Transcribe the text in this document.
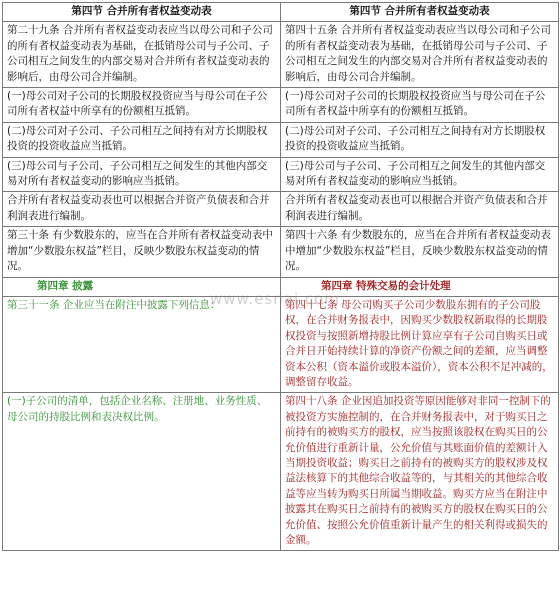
第四节 合并所有者权益变动表	第四节 合并所有者权益变动表
第二十九条 合并所有者权益变动表应当以母公司和子公司的所有者权益变动表为基础，在抵销母公司与子公司、子公司相互之间发生的内部交易对合并所有者权益变动表的影响后，由母公司合并编制。	第四十五条 合并所有者权益变动表应当以母公司和子公司的所有者权益变动表为基础，在抵销母公司与子公司、子公司相互之间发生的内部交易对合并所有者权益变动表的影响后，由母公司合并编制。
(一)母公司对子公司的长期股权投资应当与母公司在子公司所有者权益中所享有的份额相互抵销。	(一)母公司对子公司的长期股权投资应当与母公司在子公司所有者权益中所享有的份额相互抵销。
(二)母公司对子公司、子公司相互之间持有对方长期股权投资的投资收益应当抵销。	(二)母公司对子公司、子公司相互之间持有对方长期股权投资的投资收益应当抵销。
(三)母公司与子公司、子公司相互之间发生的其他内部交易对所有者权益变动的影响应当抵销。	(三)母公司与子公司、子公司相互之间发生的其他内部交易对所有者权益变动的影响应当抵销。
合并所有者权益变动表也可以根据合并资产负债表和合并利润表进行编制。	合并所有者权益变动表也可以根据合并资产负债表和合并利润表进行编制。
第三十条 有少数股东的，应当在合并所有者权益变动表中增加“少数股东权益”栏目，反映少数股东权益变动的情况。	第四十六条 有少数股东的，应当在合并所有者权益变动表中增加“少数股东权益”栏目，反映少数股东权益变动的情况。
第四章 披露	第四章 特殊交易的会计处理
第三十一条 企业应当在附注中披露下列信息：	第四十七条 母公司购买子公司少数股东拥有的子公司股权，在合并财务报表中，因购买少数股权新取得的长期股权投资与按照新增持股比例计算应享有子公司自购买日或合并日开始持续计算的净资产份额之间的差额，应当调整资本公积（资本溢价或股本溢价），资本公积不足冲减的，调整留存收益。
(一)子公司的清单，包括企业名称、注册地、业务性质、母公司的持股比例和表决权比例。	第四十八条 企业因追加投资等原因能够对非同一控制下的被投资方实施控制的，在合并财务报表中，对于购买日之前持有的被购买方的股权，应当按照该股权在购买日的公允价值进行重新计量，公允价值与其账面价值的差额计入当期投资收益；购买日之前持有的被购买方的股权涉及权益法核算下的其他综合收益等的，与其相关的其他综合收益等应当转为购买日所属当期收益。购买方应当在附注中披露其在购买日之前持有的被购买方的股权在购买日的公允价值、按照公允价值重新计量产生的相关利得或损失的金额。
www.esnai.com
